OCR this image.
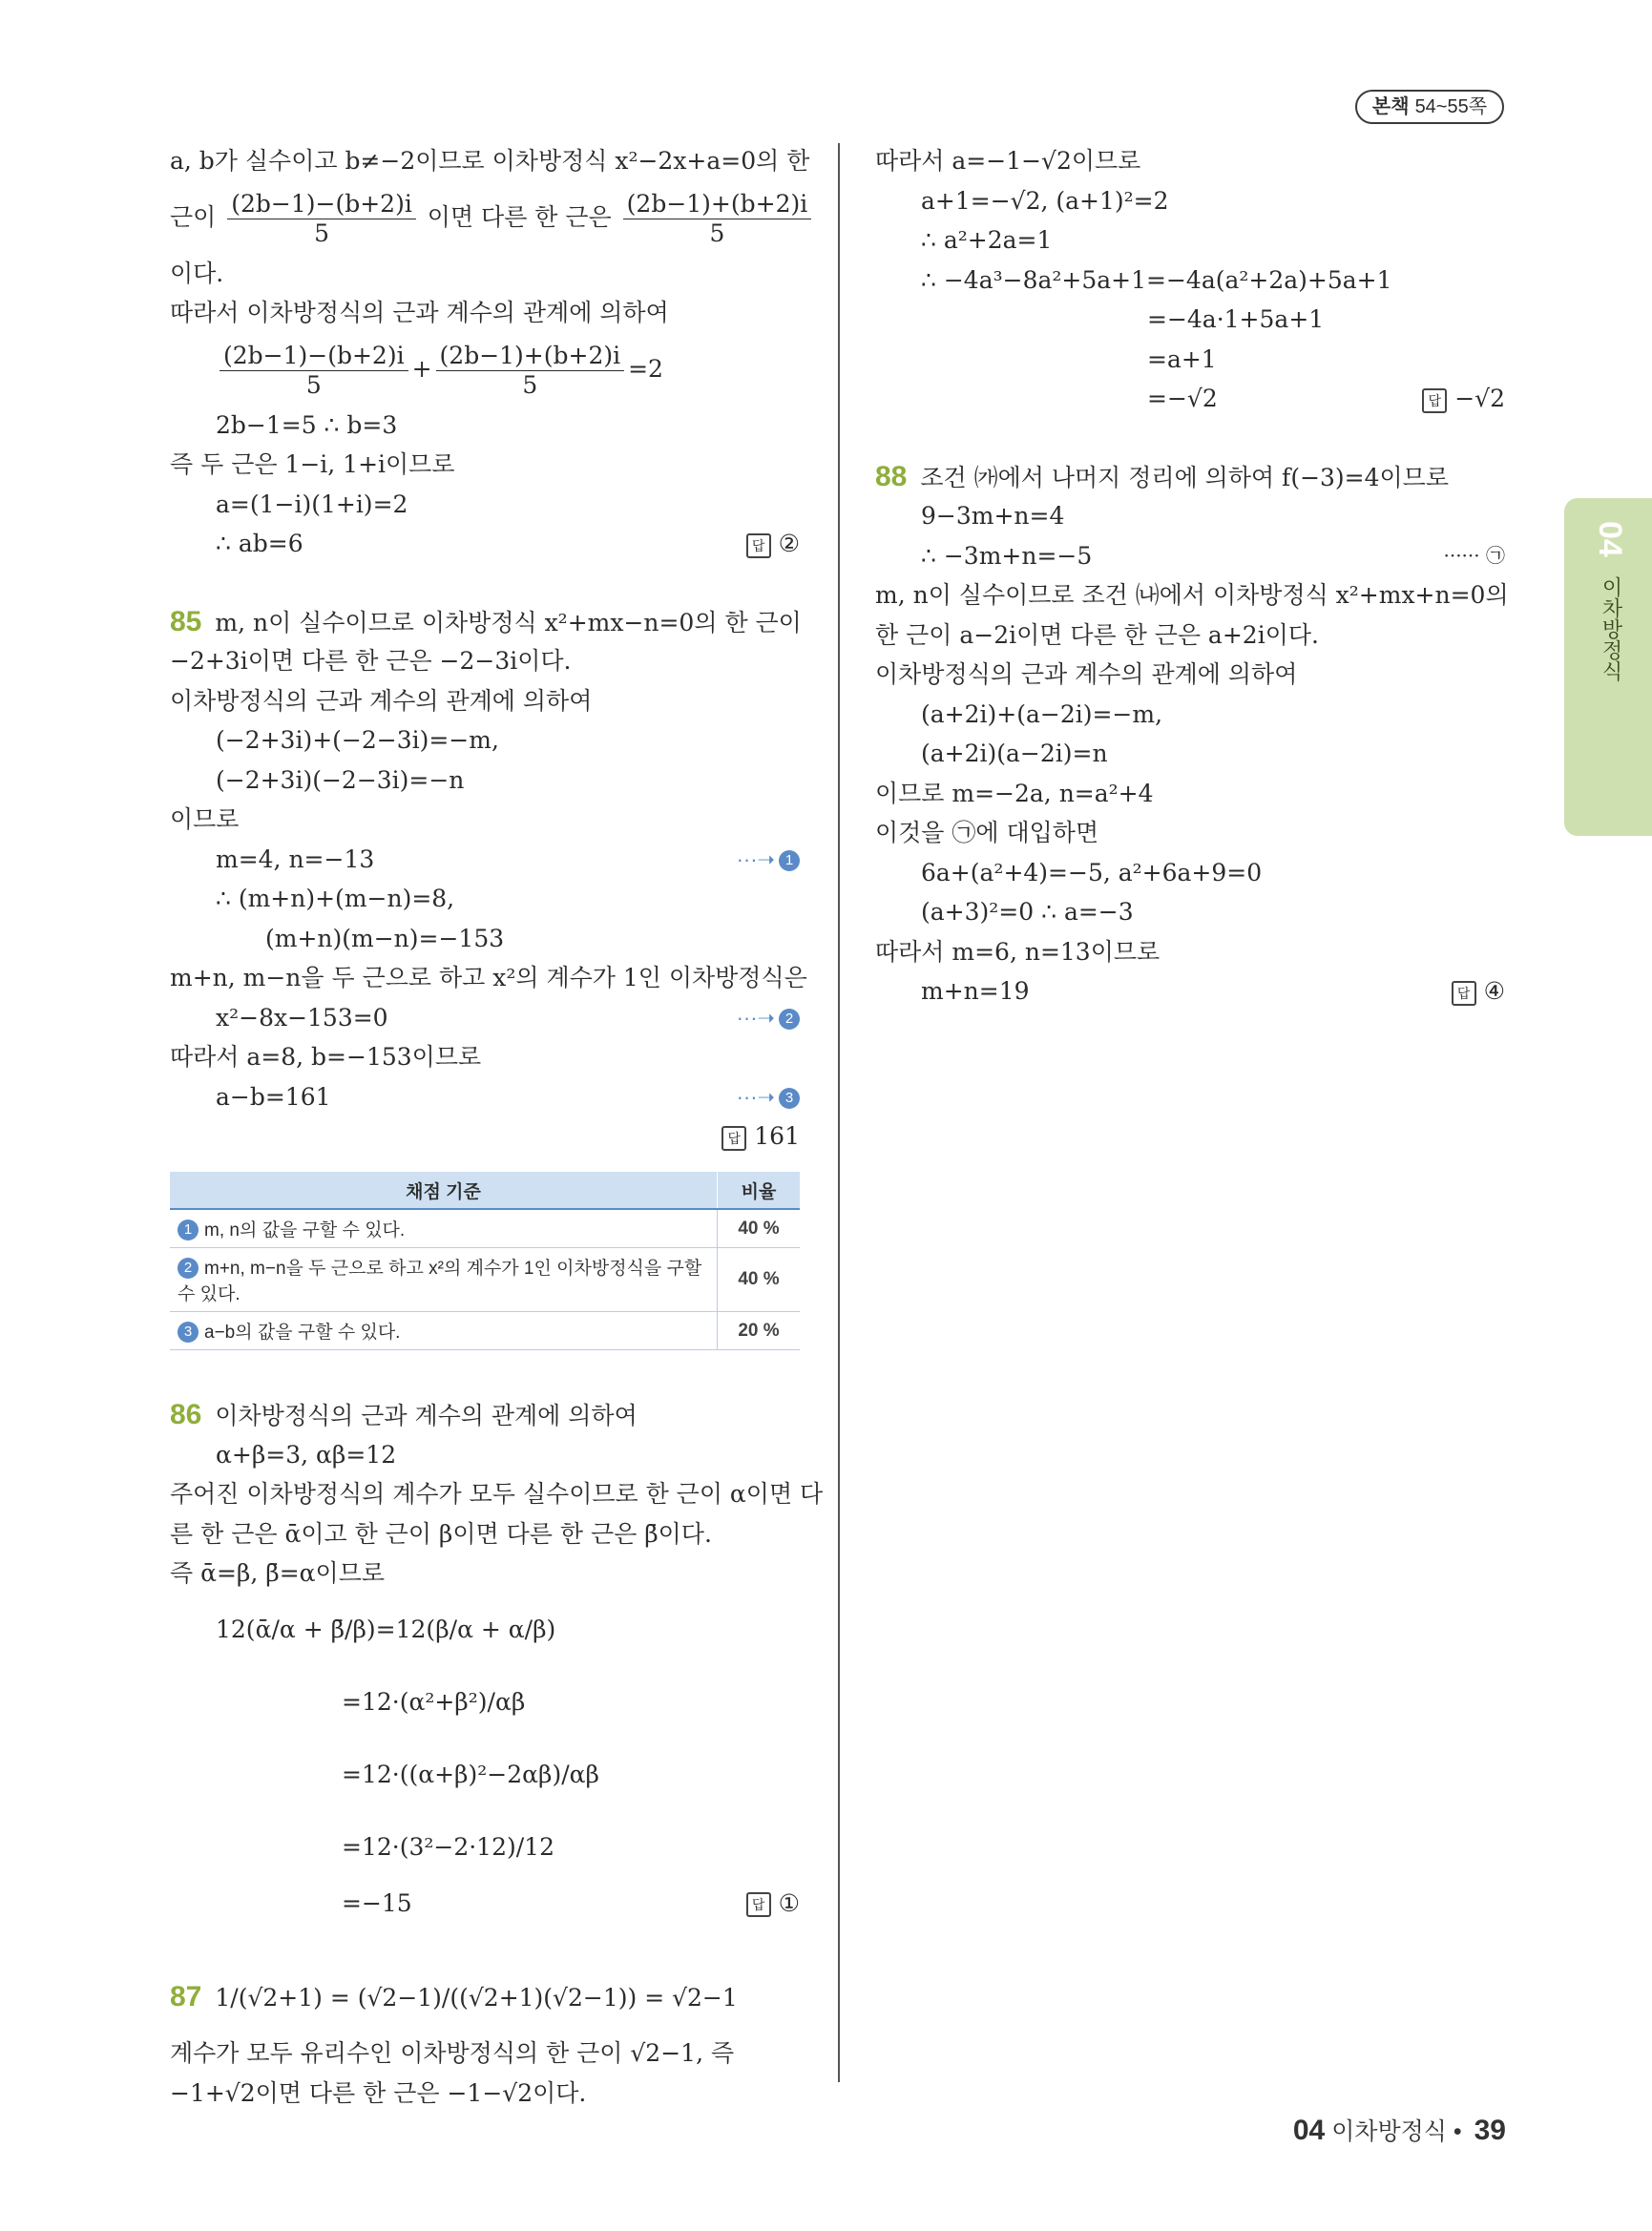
본책 54~55쪽
a, b가 실수이고 b≠−2이므로 이차방정식 x²−2x+a=0의 한
근이 $\frac{(2b-1)-(b+2)i}{5}$ 이면 다른 한 근은 $\frac{(2b-1)+(b+2)i}{5}$
이다.
따라서 이차방정식의 근과 계수의 관계에 의하여
$\frac{(2b-1)-(b+2)i}{5} + \frac{(2b-1)+(b+2)i}{5} =2$
2b−1=5 ∴ b=3
즉 두 근은 1−i, 1+i이므로
a=(1−i)(1+i)=2
∴ ab=6	답 ②
85 m, n이 실수이므로 이차방정식 x²+mx−n=0의 한 근이
−2+3i이면 다른 한 근은 −2−3i이다.
이차방정식의 근과 계수의 관계에 의하여
(−2+3i)+(−2−3i)=−m,
(−2+3i)(−2−3i)=−n
이므로
m=4, n=−13	···➝ 1
∴ (m+n)+(m−n)=8,
(m+n)(m−n)=−153
m+n, m−n을 두 근으로 하고 x²의 계수가 1인 이차방정식은
x²−8x−153=0	···➝ 2
따라서 a=8, b=−153이므로
a−b=161	···➝ 3
답 161
채점 기준	비율
1 m, n의 값을 구할 수 있다.	40 %
2 m+n, m−n을 두 근으로 하고 x²의 계수가 1인 이차방정식을 구할 수 있다.	40 %
3 a−b의 값을 구할 수 있다.	20 %
86 이차방정식의 근과 계수의 관계에 의하여
α+β=3, αβ=12
주어진 이차방정식의 계수가 모두 실수이므로 한 근이 α이면 다
른 한 근은 ᾱ이고 한 근이 β이면 다른 한 근은 β̄이다.
즉 ᾱ=β, β̄=α이므로
12(ᾱ/α + β̄/β)=12(β/α + α/β)
=12·(α²+β²)/αβ
=12·((α+β)²−2αβ)/αβ
=12·(3²−2·12)/12
=−15	답 ①
87 1/(√2+1) = (√2−1)/((√2+1)(√2−1)) = √2−1
계수가 모두 유리수인 이차방정식의 한 근이 √2−1, 즉
−1+√2이면 다른 한 근은 −1−√2이다.
따라서 a=−1−√2이므로
a+1=−√2, (a+1)²=2
∴ a²+2a=1
∴ −4a³−8a²+5a+1=−4a(a²+2a)+5a+1
=−4a·1+5a+1
=a+1
=−√2	답 −√2
88 조건 ㈎에서 나머지 정리에 의하여 f(−3)=4이므로
9−3m+n=4
∴ −3m+n=−5	······ ㉠
m, n이 실수이므로 조건 ㈏에서 이차방정식 x²+mx+n=0의
한 근이 a−2i이면 다른 한 근은 a+2i이다.
이차방정식의 근과 계수의 관계에 의하여
(a+2i)+(a−2i)=−m,
(a+2i)(a−2i)=n
이므로 m=−2a, n=a²+4
이것을 ㉠에 대입하면
6a+(a²+4)=−5, a²+6a+9=0
(a+3)²=0 ∴ a=−3
따라서 m=6, n=13이므로
m+n=19	답 ④
04
이차방정식
04 이차방정식 • 39
